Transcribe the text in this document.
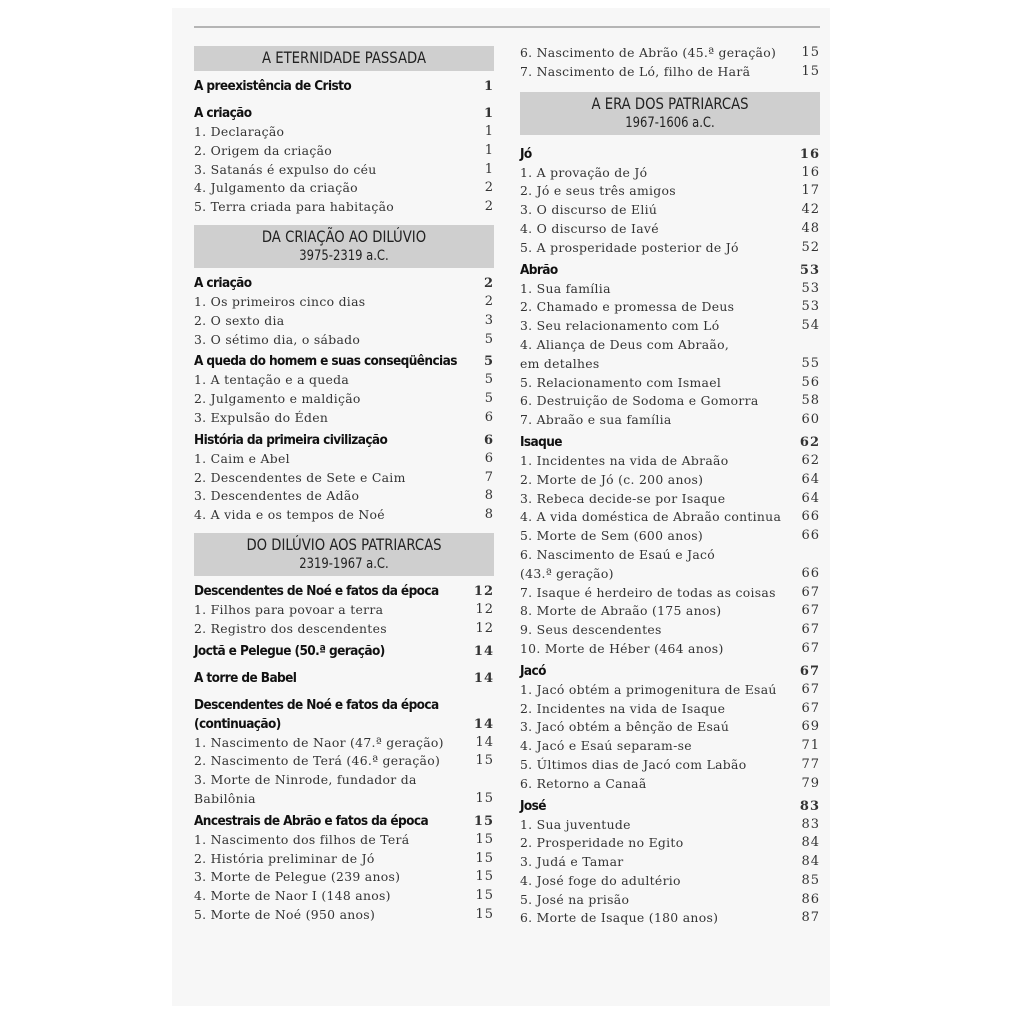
A ETERNIDADE PASSADA
A preexistência de Cristo	1
A criação	1
1. Declaração	1
2. Origem da criação	1
3. Satanás é expulso do céu	1
4. Julgamento da criação	2
5. Terra criada para habitação	2
DA CRIAÇÃO AO DILÚVIO
3975-2319 a.C.
A criação	2
1. Os primeiros cinco dias	2
2. O sexto dia	3
3. O sétimo dia, o sábado	5
A queda do homem e suas conseqüências	5
1. A tentação e a queda	5
2. Julgamento e maldição	5
3. Expulsão do Éden	6
História da primeira civilização	6
1. Caim e Abel	6
2. Descendentes de Sete e Caim	7
3. Descendentes de Adão	8
4. A vida e os tempos de Noé	8
DO DILÚVIO AOS PATRIARCAS
2319-1967 a.C.
Descendentes de Noé e fatos da época	12
1. Filhos para povoar a terra	12
2. Registro dos descendentes	12
Joctã e Pelegue (50.ª geração)	14
A torre de Babel	14
Descendentes de Noé e fatos da época
(continuação)	14
1. Nascimento de Naor (47.ª geração)	14
2. Nascimento de Terá (46.ª geração)	15
3. Morte de Ninrode, fundador da
Babilônia	15
Ancestrais de Abrão e fatos da época	15
1. Nascimento dos filhos de Terá	15
2. História preliminar de Jó	15
3. Morte de Pelegue (239 anos)	15
4. Morte de Naor I (148 anos)	15
5. Morte de Noé (950 anos)	15
6. Nascimento de Abrão (45.ª geração)	15
7. Nascimento de Ló, filho de Harã	15
A ERA DOS PATRIARCAS
1967-1606 a.C.
Jó	16
1. A provação de Jó	16
2. Jó e seus três amigos	17
3. O discurso de Eliú	42
4. O discurso de Iavé	48
5. A prosperidade posterior de Jó	52
Abrão	53
1. Sua família	53
2. Chamado e promessa de Deus	53
3. Seu relacionamento com Ló	54
4. Aliança de Deus com Abraão,
em detalhes	55
5. Relacionamento com Ismael	56
6. Destruição de Sodoma e Gomorra	58
7. Abraão e sua família	60
Isaque	62
1. Incidentes na vida de Abraão	62
2. Morte de Jó (c. 200 anos)	64
3. Rebeca decide-se por Isaque	64
4. A vida doméstica de Abraão continua	66
5. Morte de Sem (600 anos)	66
6. Nascimento de Esaú e Jacó
(43.ª geração)	66
7. Isaque é herdeiro de todas as coisas	67
8. Morte de Abraão (175 anos)	67
9. Seus descendentes	67
10. Morte de Héber (464 anos)	67
Jacó	67
1. Jacó obtém a primogenitura de Esaú	67
2. Incidentes na vida de Isaque	67
3. Jacó obtém a bênção de Esaú	69
4. Jacó e Esaú separam-se	71
5. Últimos dias de Jacó com Labão	77
6. Retorno a Canaã	79
José	83
1. Sua juventude	83
2. Prosperidade no Egito	84
3. Judá e Tamar	84
4. José foge do adultério	85
5. José na prisão	86
6. Morte de Isaque (180 anos)	87
